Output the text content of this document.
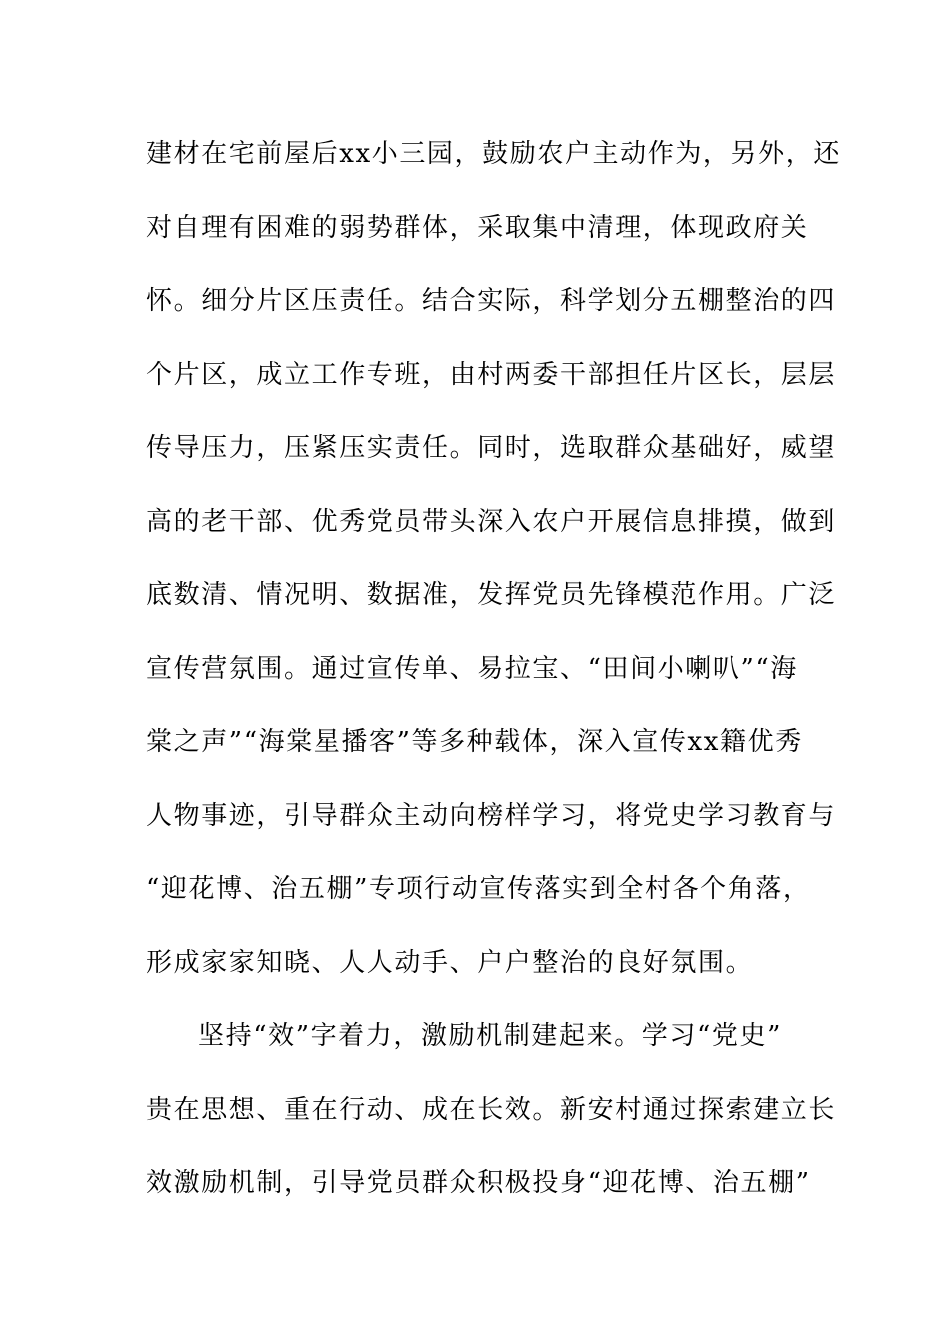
建材在宅前屋后xx小三园，鼓励农户主动作为，另外，还
对自理有困难的弱势群体，采取集中清理，体现政府关
怀。细分片区压责任。结合实际，科学划分五棚整治的四
个片区，成立工作专班，由村两委干部担任片区长，层层
传导压力，压紧压实责任。同时，选取群众基础好，威望
高的老干部、优秀党员带头深入农户开展信息排摸，做到
底数清、情况明、数据准，发挥党员先锋模范作用。广泛
宣传营氛围。通过宣传单、易拉宝、“田间小喇叭”“海
棠之声”“海棠星播客”等多种载体，深入宣传xx籍优秀
人物事迹，引导群众主动向榜样学习，将党史学习教育与
“迎花博、治五棚”专项行动宣传落实到全村各个角落，
形成家家知晓、人人动手、户户整治的良好氛围。
坚持“效”字着力，激励机制建起来。学习“党史”
贵在思想、重在行动、成在长效。新安村通过探索建立长
效激励机制，引导党员群众积极投身“迎花博、治五棚”
